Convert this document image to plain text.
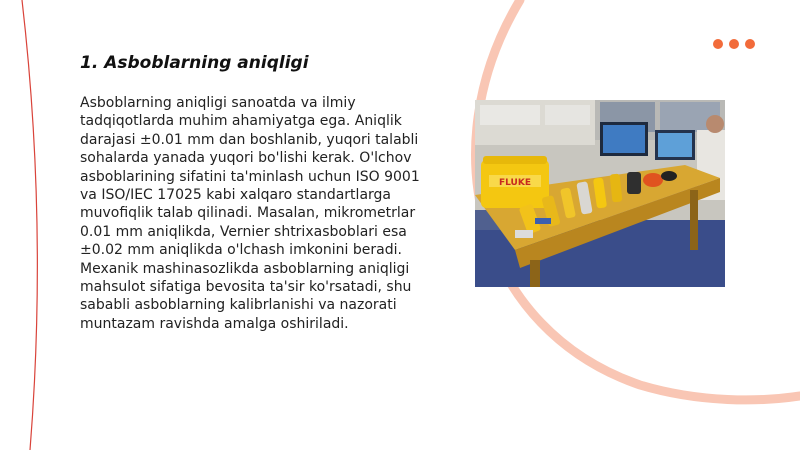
1. Asboblarning aniqligi

Asboblarning aniqligi sanoatda va ilmiy tadqiqotlarda muhim ahamiyatga ega. Aniqlik darajasi ±0.01 mm dan boshlanib, yuqori talabli sohalarda yanada yuqori bo'lishi kerak. O'lchov asboblarining sifatini ta'minlash uchun ISO 9001 va ISO/IEC 17025 kabi xalqaro standartlarga muvofiqlik talab qilinadi. Masalan, mikrometrlar 0.01 mm aniqlikda, Vernier shtrixasboblari esa ±0.02 mm aniqlikda o'lchash imkonini beradi. Mexanik mashinasozlikda asboblarning aniqligi mahsulot sifatiga bevosita ta'sir ko'rsatadi, shu sababli asboblarning kalibrlanishi va nazorati muntazam ravishda amalga oshiriladi.

FLUKE
